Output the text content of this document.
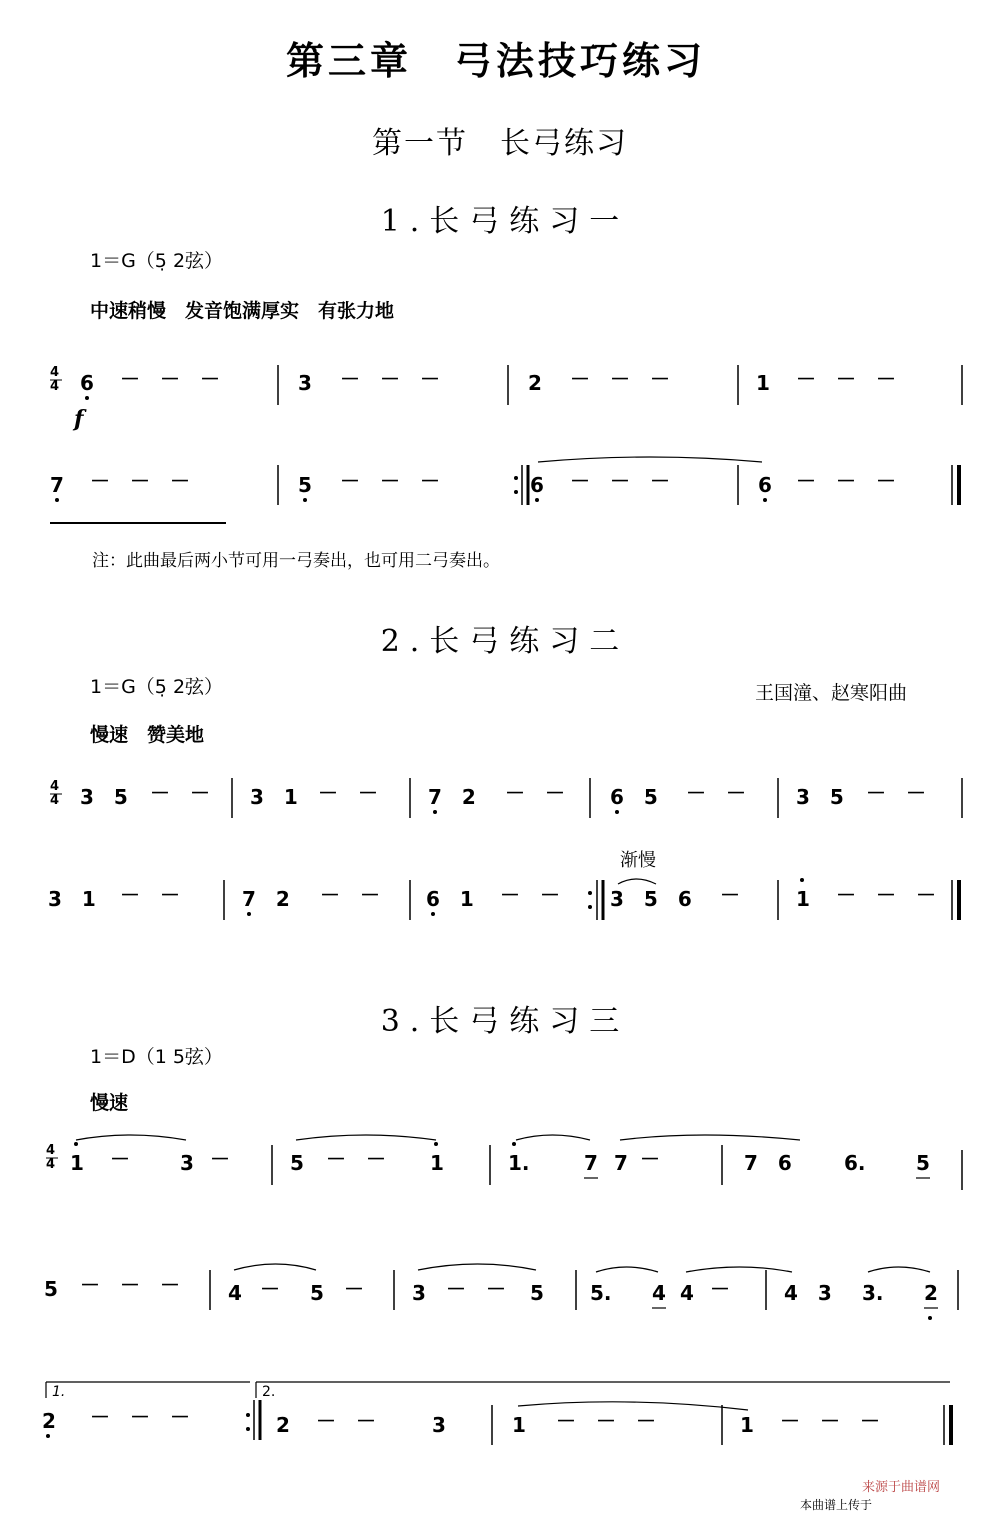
第三章　弓法技巧练习
第一节　长弓练习
1.长弓练习一
1＝G（5̣ 2弦）
中速稍慢　发音饱满厚实　有张力地
注：此曲最后两小节可用一弓奏出，也可用二弓奏出。
2.长弓练习二
1＝G（5̣ 2弦）	王国潼、赵寒阳曲
慢速　赞美地
渐慢
3.长弓练习三
1＝D（1 5弦）
慢速
4
4 6 －　－　－	3 －　－　－	2 －　－　－	1 －　－　－
f
7 －　－　－	5 －　－　－	6 －　－　－	6 －　－　－
4
4 3　5 －　－ 3　1 －　－	7　2 －　－ 6　5 －　－	3　5 －　－
3　1 －　－	7　2 －　－ 6　1 －　－	3　5　6 －	1 －　－　－
4
4 1 －	3 －	5 －　－ 1	1.	7 7 －	7　6	6.	5
5 －　－　－ 4 － 5 － 3 －　－ 5 5. 4 4 －	4　3 3. 2
1.
2 －　－　－
2.
2 －　－	3	1 －　－　－	1 －　－　－
来源于曲谱网
本曲谱上传于
